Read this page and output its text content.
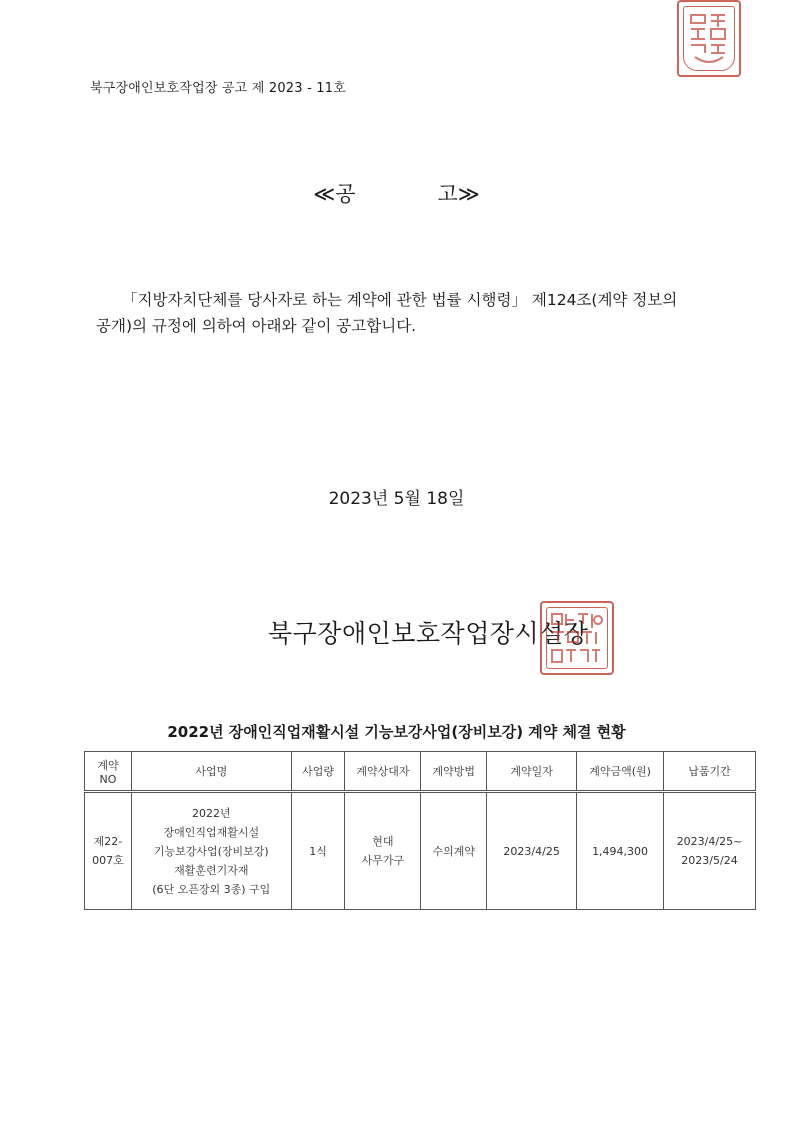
북구장애인보호작업장 공고 제 2023 - 11호
≪공	고≫
「지방자치단체를 당사자로 하는 계약에 관한 법률 시행령」 제124조(계약 정보의
공개)의 규정에 의하여 아래와 같이 공고합니다.
2023년 5월 18일
북구장애인보호작업장시설장
2022년 장애인직업재활시설 기능보강사업(장비보강) 계약 체결 현황
계약
NO	사업명	사업량	계약상대자	계약방법	계약일자	계약금액(원)	납품기간

제22-
007호	2022년
장애인직업재활시설
기능보강사업(장비보강)
재활훈련기자재
(6단 오픈장외 3종) 구입	1식	현대
사무가구	수의계약	2023/4/25	1,494,300	2023/4/25~
2023/5/24
